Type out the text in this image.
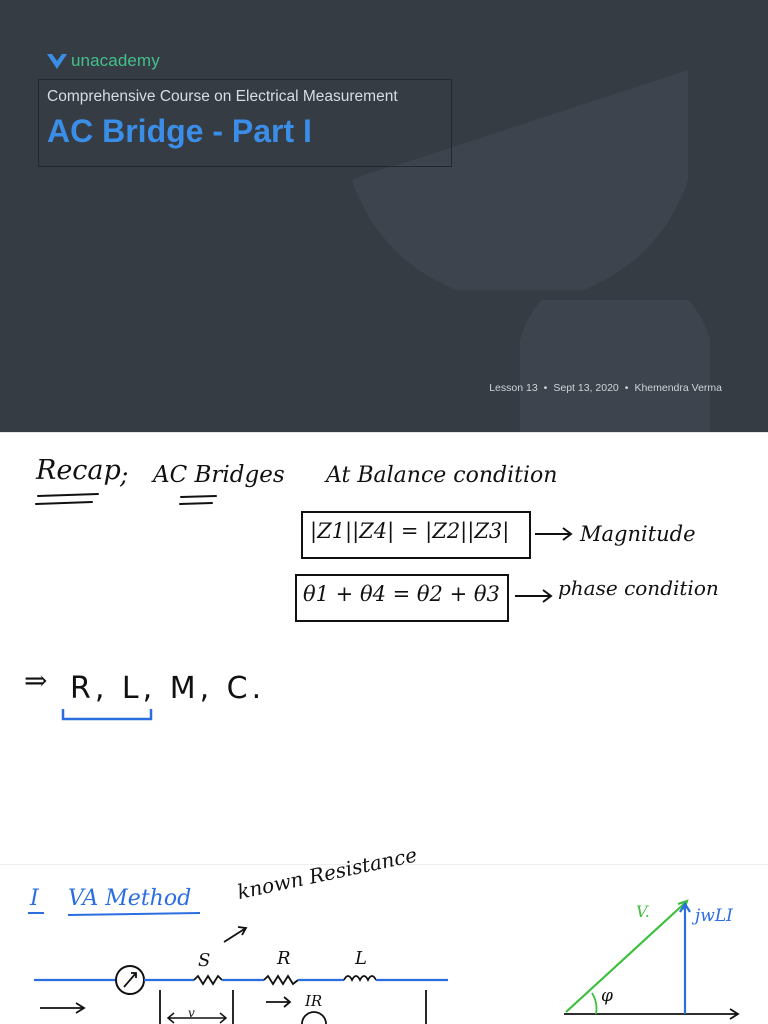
unacademy
Comprehensive Course on Electrical Measurement
AC Bridge - Part I
Lesson 13 • Sept 13, 2020 • Khemendra Verma
Recap ; AC Bridges At Balance condition
|Z1||Z4| = |Z2||Z3|	Magnitude
θ1 + θ4 = θ2 + θ3	phase condition
⇒ R, L, M, C.
I VA Method known Resistance
S	R	L
v
IR
V.	jwLI
φ
